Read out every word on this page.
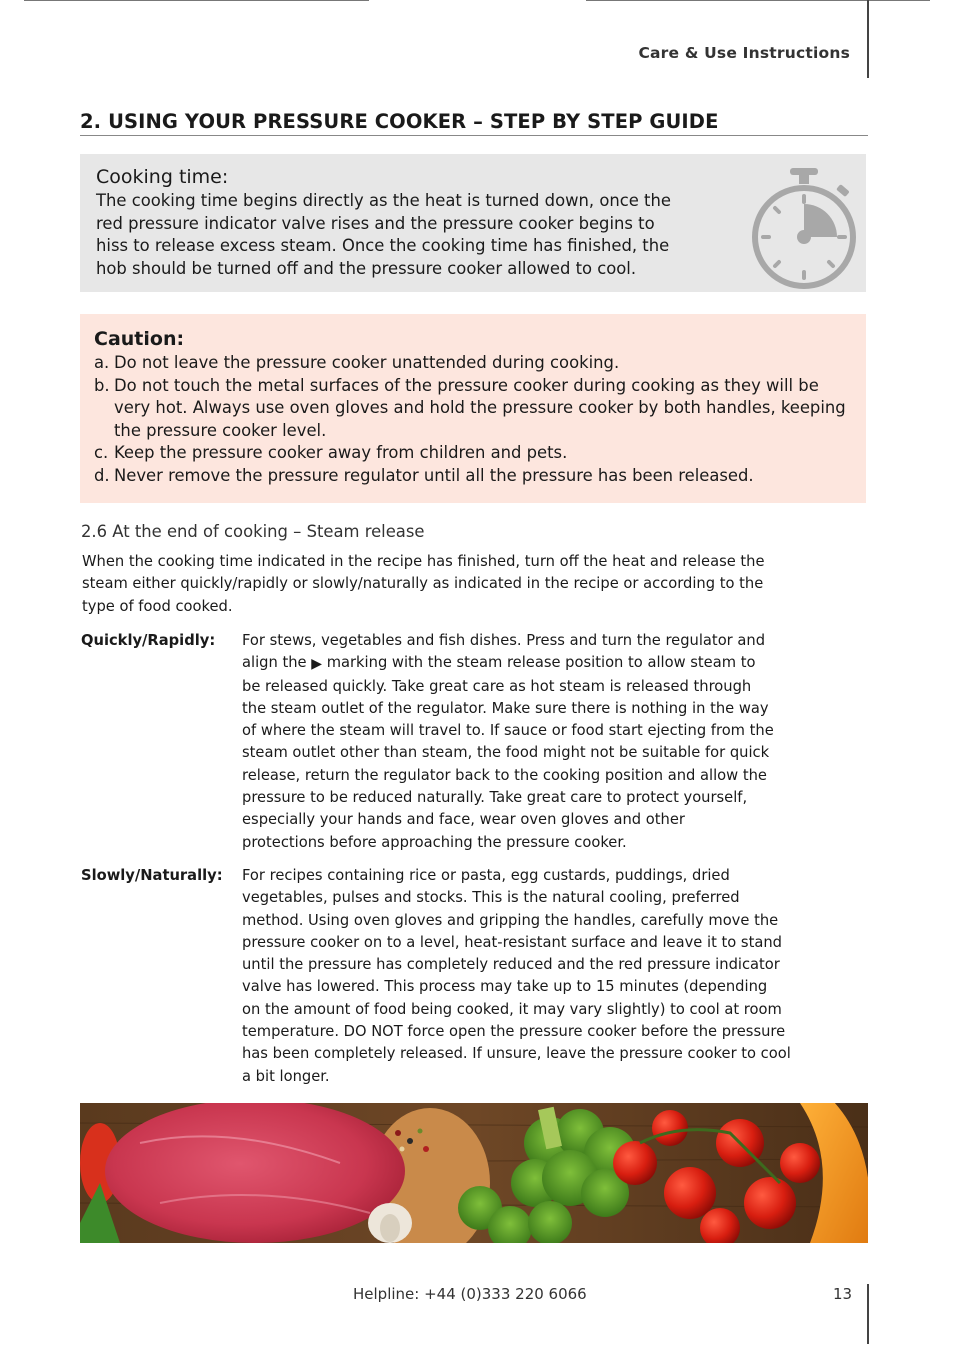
Care & Use Instructions
2. USING YOUR PRESSURE COOKER – STEP BY STEP GUIDE
Cooking time:
The cooking time begins directly as the heat is turned down, once the
red pressure indicator valve rises and the pressure cooker begins to
hiss to release excess steam. Once the cooking time has finished, the
hob should be turned off and the pressure cooker allowed to cool.
Caution:
a. Do not leave the pressure cooker unattended during cooking.
b. Do not touch the metal surfaces of the pressure cooker during cooking as they will be very hot. Always use oven gloves and hold the pressure cooker by both handles, keeping the pressure cooker level.
c. Keep the pressure cooker away from children and pets.
d. Never remove the pressure regulator until all the pressure has been released.
2.6 At the end of cooking – Steam release
When the cooking time indicated in the recipe has finished, turn off the heat and release the
steam either quickly/rapidly or slowly/naturally as indicated in the recipe or according to the
type of food cooked.
Quickly/Rapidly: For stews, vegetables and fish dishes. Press and turn the regulator and
align the ▶ marking with the steam release position to allow steam to
be released quickly. Take great care as hot steam is released through
the steam outlet of the regulator. Make sure there is nothing in the way
of where the steam will travel to. If sauce or food start ejecting from the
steam outlet other than steam, the food might not be suitable for quick
release, return the regulator back to the cooking position and allow the
pressure to be reduced naturally. Take great care to protect yourself,
especially your hands and face, wear oven gloves and other
protections before approaching the pressure cooker.
Slowly/Naturally: For recipes containing rice or pasta, egg custards, puddings, dried
vegetables, pulses and stocks. This is the natural cooling, preferred
method. Using oven gloves and gripping the handles, carefully move the
pressure cooker on to a level, heat-resistant surface and leave it to stand
until the pressure has completely reduced and the red pressure indicator
valve has lowered. This process may take up to 15 minutes (depending
on the amount of food being cooked, it may vary slightly) to cool at room
temperature. DO NOT force open the pressure cooker before the pressure
has been completely released. If unsure, leave the pressure cooker to cool
a bit longer.
Helpline: +44 (0)333 220 6066	13
